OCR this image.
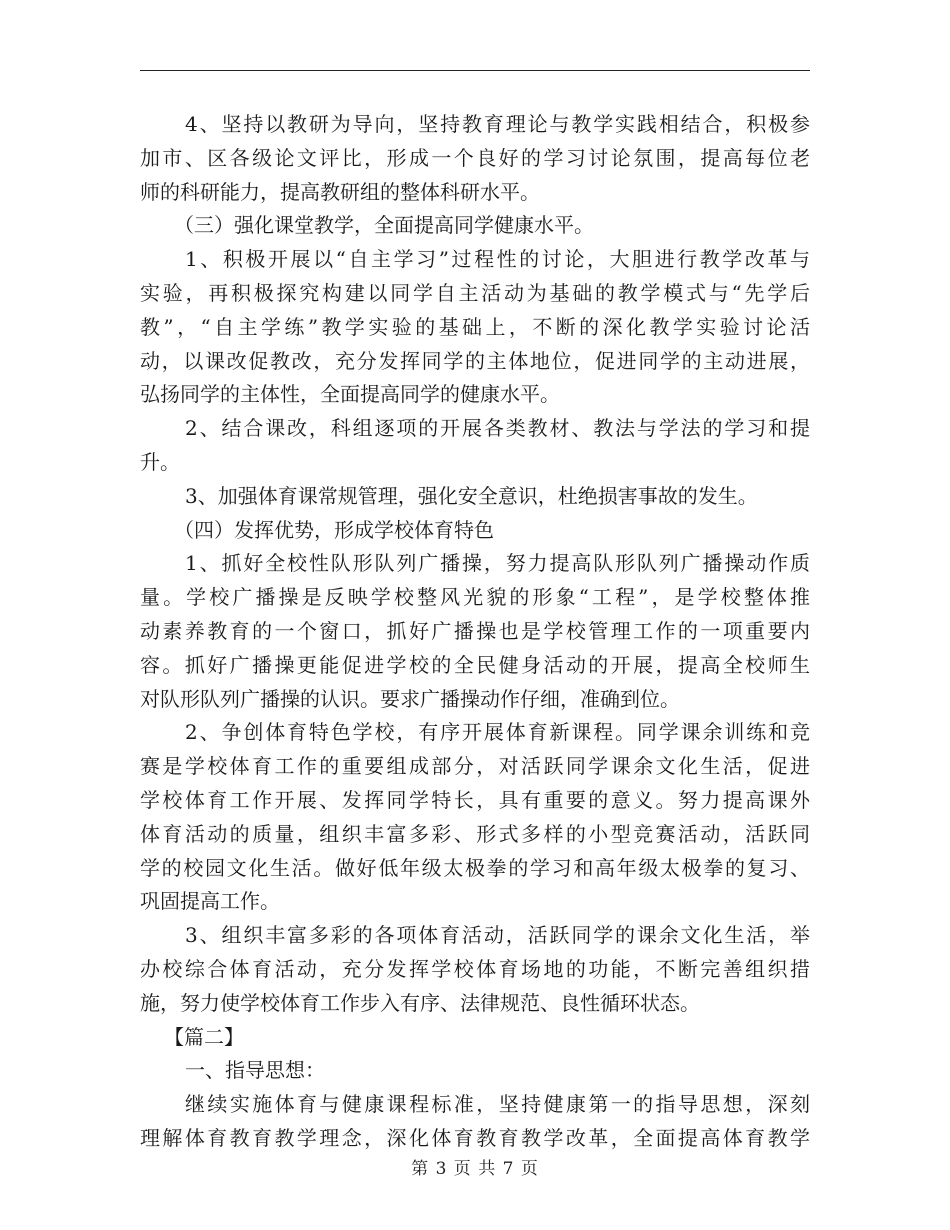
4、坚持以教研为导向，坚持教育理论与教学实践相结合，积极参
加市、区各级论文评比，形成一个良好的学习讨论氛围，提高每位老
师的科研能力，提高教研组的整体科研水平。
（三）强化课堂教学，全面提高同学健康水平。
1、积极开展以“自主学习”过程性的讨论，大胆进行教学改革与
实验，再积极探究构建以同学自主活动为基础的教学模式与“先学后
教”，“自主学练”教学实验的基础上，不断的深化教学实验讨论活
动，以课改促教改，充分发挥同学的主体地位，促进同学的主动进展，
弘扬同学的主体性，全面提高同学的健康水平。
2、结合课改，科组逐项的开展各类教材、教法与学法的学习和提
升。
3、加强体育课常规管理，强化安全意识，杜绝损害事故的发生。
（四）发挥优势，形成学校体育特色
1、抓好全校性队形队列广播操，努力提高队形队列广播操动作质
量。学校广播操是反映学校整风光貌的形象“工程”，是学校整体推
动素养教育的一个窗口，抓好广播操也是学校管理工作的一项重要内
容。抓好广播操更能促进学校的全民健身活动的开展，提高全校师生
对队形队列广播操的认识。要求广播操动作仔细，准确到位。
2、争创体育特色学校，有序开展体育新课程。同学课余训练和竞
赛是学校体育工作的重要组成部分，对活跃同学课余文化生活，促进
学校体育工作开展、发挥同学特长，具有重要的意义。努力提高课外
体育活动的质量，组织丰富多彩、形式多样的小型竞赛活动，活跃同
学的校园文化生活。做好低年级太极拳的学习和高年级太极拳的复习、
巩固提高工作。
3、组织丰富多彩的各项体育活动，活跃同学的课余文化生活，举
办校综合体育活动，充分发挥学校体育场地的功能，不断完善组织措
施，努力使学校体育工作步入有序、法律规范、良性循环状态。
【篇二】
一、指导思想：
继续实施体育与健康课程标准，坚持健康第一的指导思想，深刻
理解体育教育教学理念，深化体育教育教学改革，全面提高体育教学
第 3 页 共 7 页
